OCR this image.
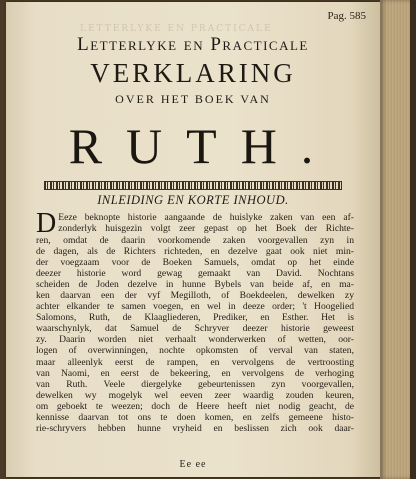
LETTERLYKE EN PRACTICALE
Pag. 585
Letterlyke en Practicale
VERKLARING
OVER HET BOEK VAN
RUTH.
INLEIDING EN KORTE INHOUD.
D Eeze beknopte historie aangaande de huislyke zaken van een af-
zonderlyk huisgezin volgt zeer gepast op het Boek der Richte-
ren, omdat de daarin voorkomende zaken voorgevallen zyn in
de dagen, als de Richters richteden, en dezelve gaat ook niet min-
der voegzaam voor de Boeken Samuels, omdat op het einde
deezer historie word gewag gemaakt van David. Nochtans
scheiden de Joden dezelve in hunne Bybels van beide af, en ma-
ken daarvan een der vyf Megilloth, of Boekdeelen, dewelken zy
achter elkander te samen voegen, en wel in deeze order; 't Hoogelied
Salomons, Ruth, de Klaagliederen, Prediker, en Esther. Het is
waarschynlyk, dat Samuel de Schryver deezer historie geweest
zy. Daarin worden niet verhaalt wonderwerken of wetten, oor-
logen of overwinningen, nochte opkomsten of verval van staten,
maar alleenlyk eerst de rampen, en vervolgens de vertroosting
van Naomi, en eerst de bekeering, en vervolgens de verhoging
van Ruth. Veele diergelyke gebeurtenissen zyn voorgevallen,
dewelken wy mogelyk wel eeven zeer waardig zouden keuren,
om geboekt te weezen; doch de Heere heeft niet nodig geacht, de
kennisse daarvan tot ons te doen komen, en zelfs gemeene histo-
rie-schryvers hebben hunne vryheid en beslissen zich ook daar-
Ee ee
